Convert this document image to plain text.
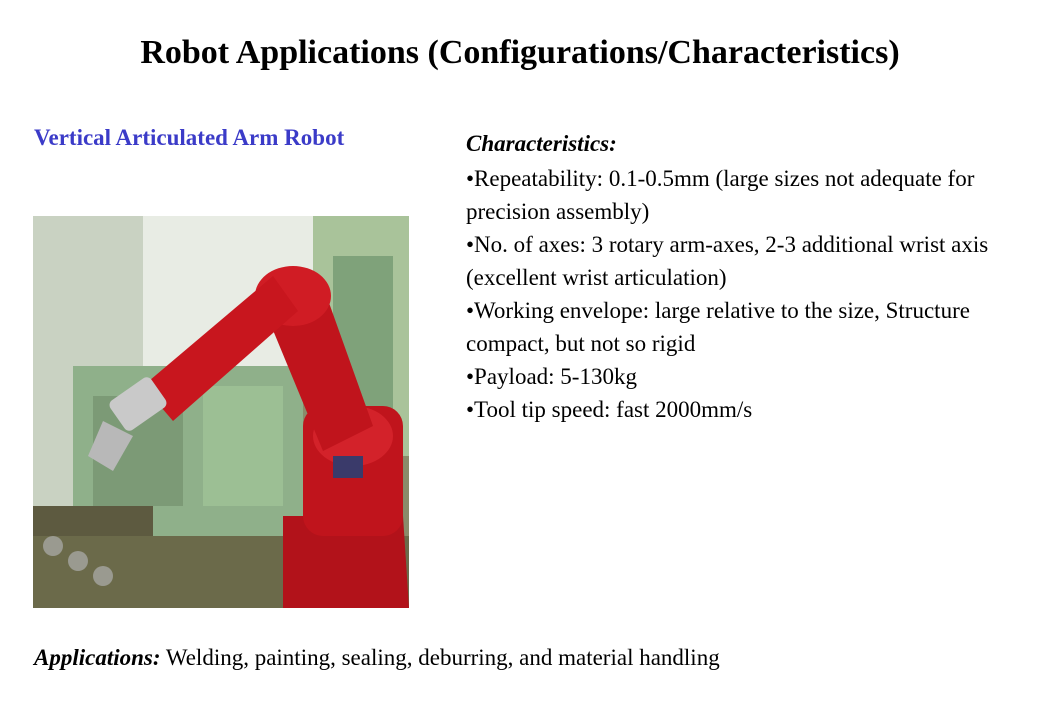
Robot Applications (Configurations/Characteristics)
Vertical Articulated Arm Robot	Characteristics:
•Repeatability: 0.1-0.5mm (large sizes not adequate for precision assembly)
•No. of axes: 3 rotary arm-axes, 2-3 additional wrist axis (excellent wrist articulation)
•Working envelope: large relative to the size, Structure compact, but not so rigid
•Payload: 5-130kg
•Tool tip speed: fast 2000mm/s
Applications: Welding, painting, sealing, deburring, and material handling
